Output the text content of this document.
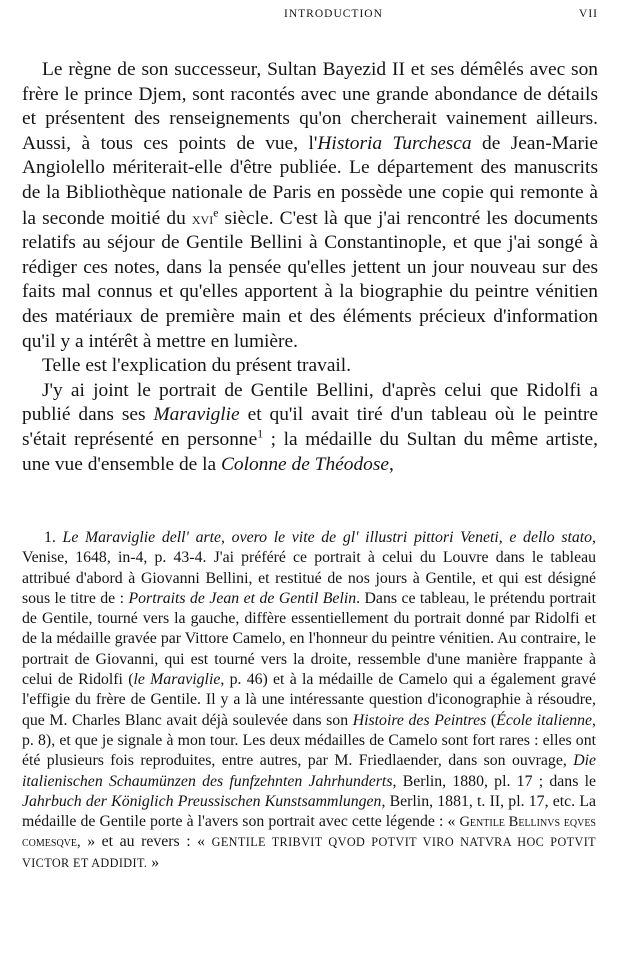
INTRODUCTION	VII

Le règne de son successeur, Sultan Bayezid II et ses démêlés avec son frère le prince Djem, sont racontés avec une grande abondance de détails et présentent des renseignements qu'on chercherait vainement ailleurs. Aussi, à tous ces points de vue, l'Historia Turchesca de Jean-Marie Angiolello mériterait-elle d'être publiée. Le département des manuscrits de la Bibliothèque nationale de Paris en possède une copie qui remonte à la seconde moitié du xvi$^e$ siècle. C'est là que j'ai rencontré les documents relatifs au séjour de Gentile Bellini à Constantinople, et que j'ai songé à rédiger ces notes, dans la pensée qu'elles jettent un jour nouveau sur des faits mal connus et qu'elles apportent à la biographie du peintre vénitien des matériaux de première main et des éléments précieux d'information qu'il y a intérêt à mettre en lumière.

Telle est l'explication du présent travail.

J'y ai joint le portrait de Gentile Bellini, d'après celui que Ridolfi a publié dans ses Maraviglie et qu'il avait tiré d'un tableau où le peintre s'était représenté en personne$^1$ ; la médaille du Sultan du même artiste, une vue d'ensemble de la Colonne de Théodose,

1. Le Maraviglie dell' arte, overo le vite de gl' illustri pittori Veneti, e dello stato, Venise, 1648, in-4, p. 43-4. J'ai préféré ce portrait à celui du Louvre dans le tableau attribué d'abord à Giovanni Bellini, et restitué de nos jours à Gentile, et qui est désigné sous le titre de : Portraits de Jean et de Gentil Belin. Dans ce tableau, le prétendu portrait de Gentile, tourné vers la gauche, diffère essentiellement du portrait donné par Ridolfi et de la médaille gravée par Vittore Camelo, en l'honneur du peintre vénitien. Au contraire, le portrait de Giovanni, qui est tourné vers la droite, ressemble d'une manière frappante à celui de Ridolfi (le Maraviglie, p. 46) et à la médaille de Camelo qui a également gravé l'effigie du frère de Gentile. Il y a là une intéressante question d'iconographie à résoudre, que M. Charles Blanc avait déjà soulevée dans son Histoire des Peintres (École italienne, p. 8), et que je signale à mon tour. Les deux médailles de Camelo sont fort rares : elles ont été plusieurs fois reproduites, entre autres, par M. Friedlaender, dans son ouvrage, Die italienischen Schaumünzen des funfzehnten Jahrhunderts, Berlin, 1880, pl. 17 ; dans le Jahrbuch der Königlich Preussischen Kunstsammlungen, Berlin, 1881, t. II, pl. 17, etc. La médaille de Gentile porte à l'avers son portrait avec cette légende : « Gentile Bellinvs eqves comesqve, » et au revers : « GENTILE TRIBVIT QVOD POTVIT VIRO NATVRA HOC POTVIT VICTOR ET ADDIDIT. »
